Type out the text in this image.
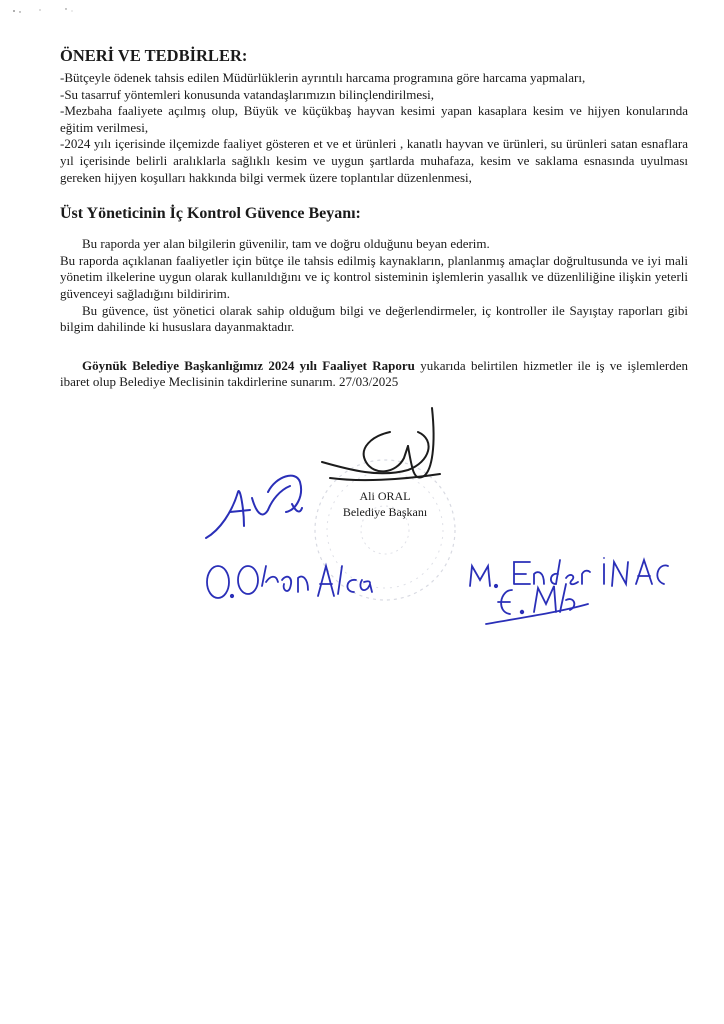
ÖNERİ VE TEDBİRLER:

-Bütçeyle ödenek tahsis edilen Müdürlüklerin ayrıntılı harcama programına göre harcama yapmaları,

-Su tasarruf yöntemleri konusunda vatandaşlarımızın bilinçlendirilmesi,

-Mezbaha faaliyete açılmış olup, Büyük ve küçükbaş hayvan kesimi yapan kasaplara kesim ve hijyen konularında eğitim verilmesi,

-2024 yılı içerisinde ilçemizde faaliyet gösteren et ve et ürünleri , kanatlı hayvan ve ürünleri, su ürünleri satan esnaflara yıl içerisinde belirli aralıklarla sağlıklı kesim ve uygun şartlarda muhafaza, kesim ve saklama esnasında uyulması gereken hijyen koşulları hakkında bilgi vermek üzere toplantılar düzenlenmesi,

Üst Yöneticinin İç Kontrol Güvence Beyanı:

Bu raporda yer alan bilgilerin güvenilir, tam ve doğru olduğunu beyan ederim.

Bu raporda açıklanan faaliyetler için bütçe ile tahsis edilmiş kaynakların, planlanmış amaçlar doğrultusunda ve iyi mali yönetim ilkelerine uygun olarak kullanıldığını ve iç kontrol sisteminin işlemlerin yasallık ve düzenliliğine ilişkin yeterli güvenceyi sağladığını bildiririm.

Bu güvence, üst yönetici olarak sahip olduğum bilgi ve değerlendirmeler, iç kontroller ile Sayıştay raporları gibi bilgim dahilinde ki hususlara dayanmaktadır.

Göynük Belediye Başkanlığımız 2024 yılı Faaliyet Raporu yukarıda belirtilen hizmetler ile iş ve işlemlerden ibaret olup Belediye Meclisinin takdirlerine sunarım. 27/03/2025

Ali ORAL
Belediye Başkanı
